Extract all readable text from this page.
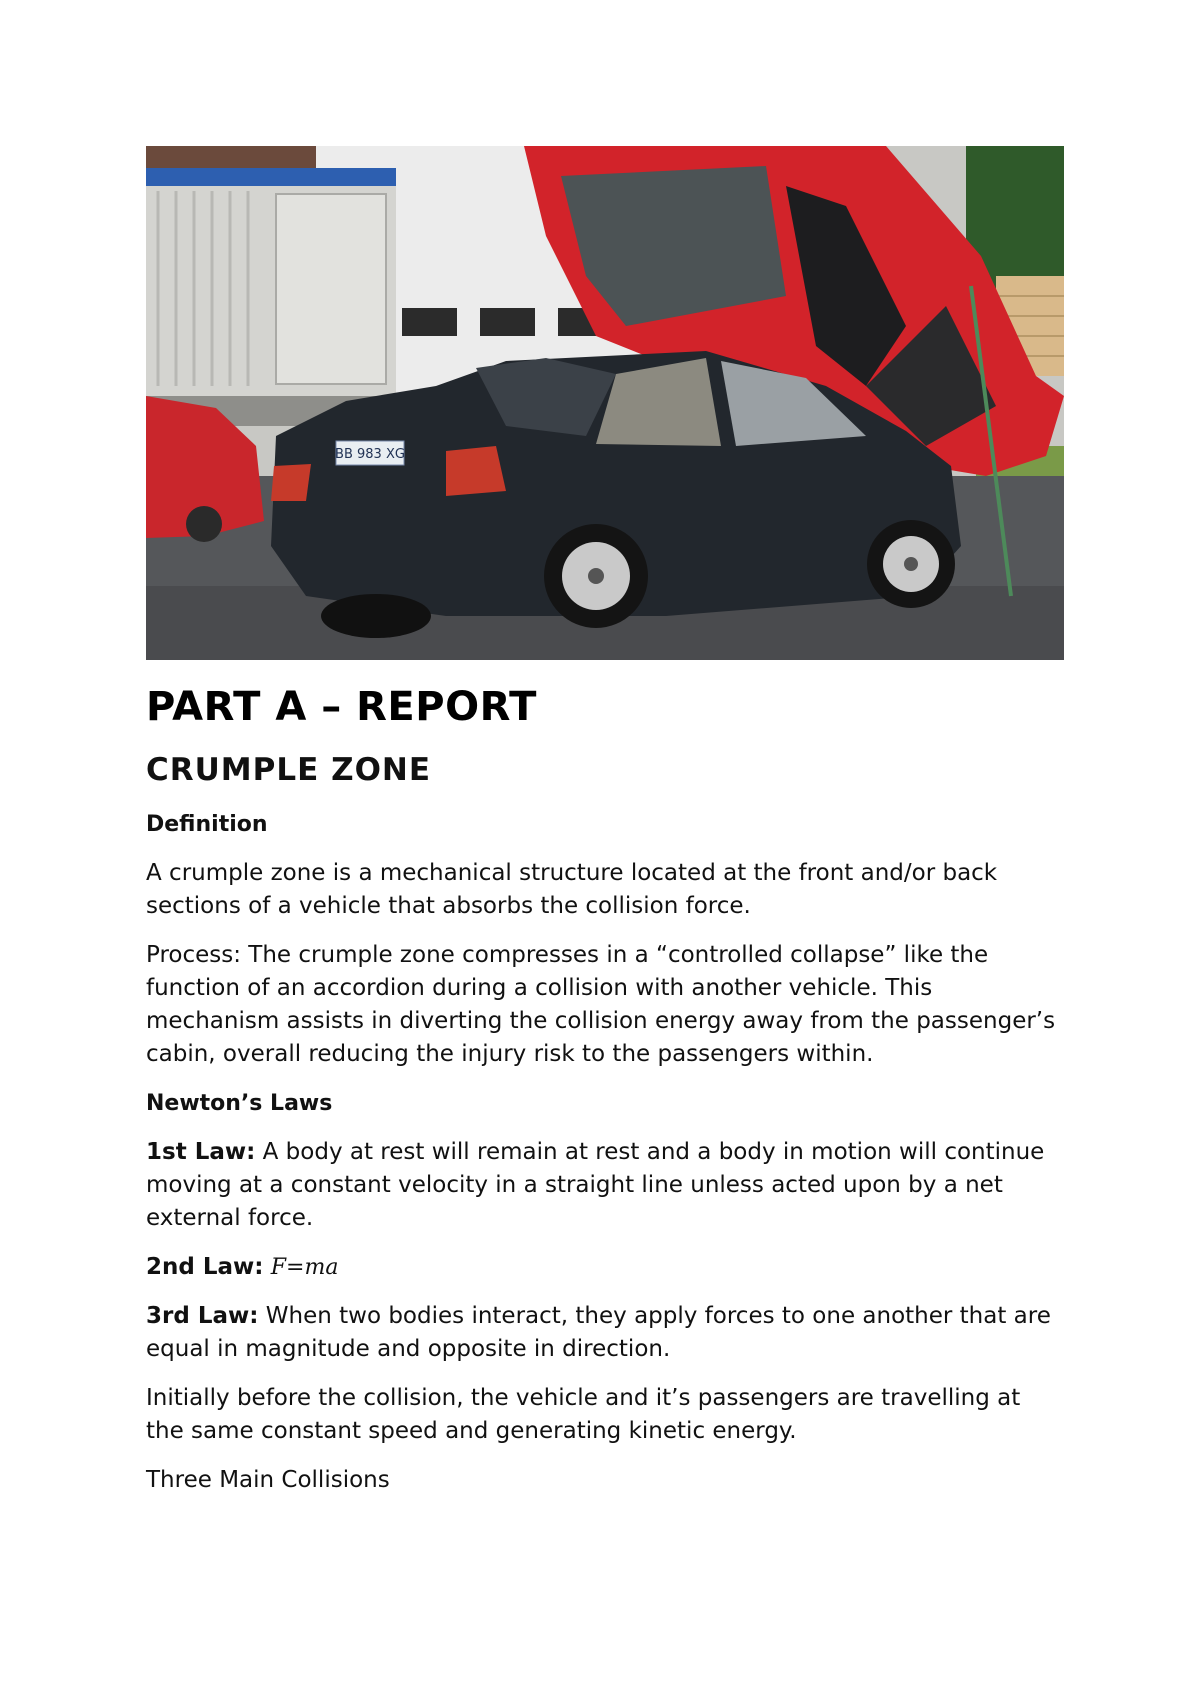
BB 983 XG
PART A – REPORT
CRUMPLE ZONE

Definition

A crumple zone is a mechanical structure located at the front and/or back sections of a vehicle that absorbs the collision force.

Process: The crumple zone compresses in a “controlled collapse” like the function of an accordion during a collision with another vehicle. This mechanism assists in diverting the collision energy away from the passenger’s cabin, overall reducing the injury risk to the passengers within.

Newton’s Laws

1st Law: A body at rest will remain at rest and a body in motion will continue moving at a constant velocity in a straight line unless acted upon by a net external force.

2nd Law: F=ma

3rd Law: When two bodies interact, they apply forces to one another that are equal in magnitude and opposite in direction.

Initially before the collision, the vehicle and it’s passengers are travelling at the same constant speed and generating kinetic energy.

Three Main Collisions
